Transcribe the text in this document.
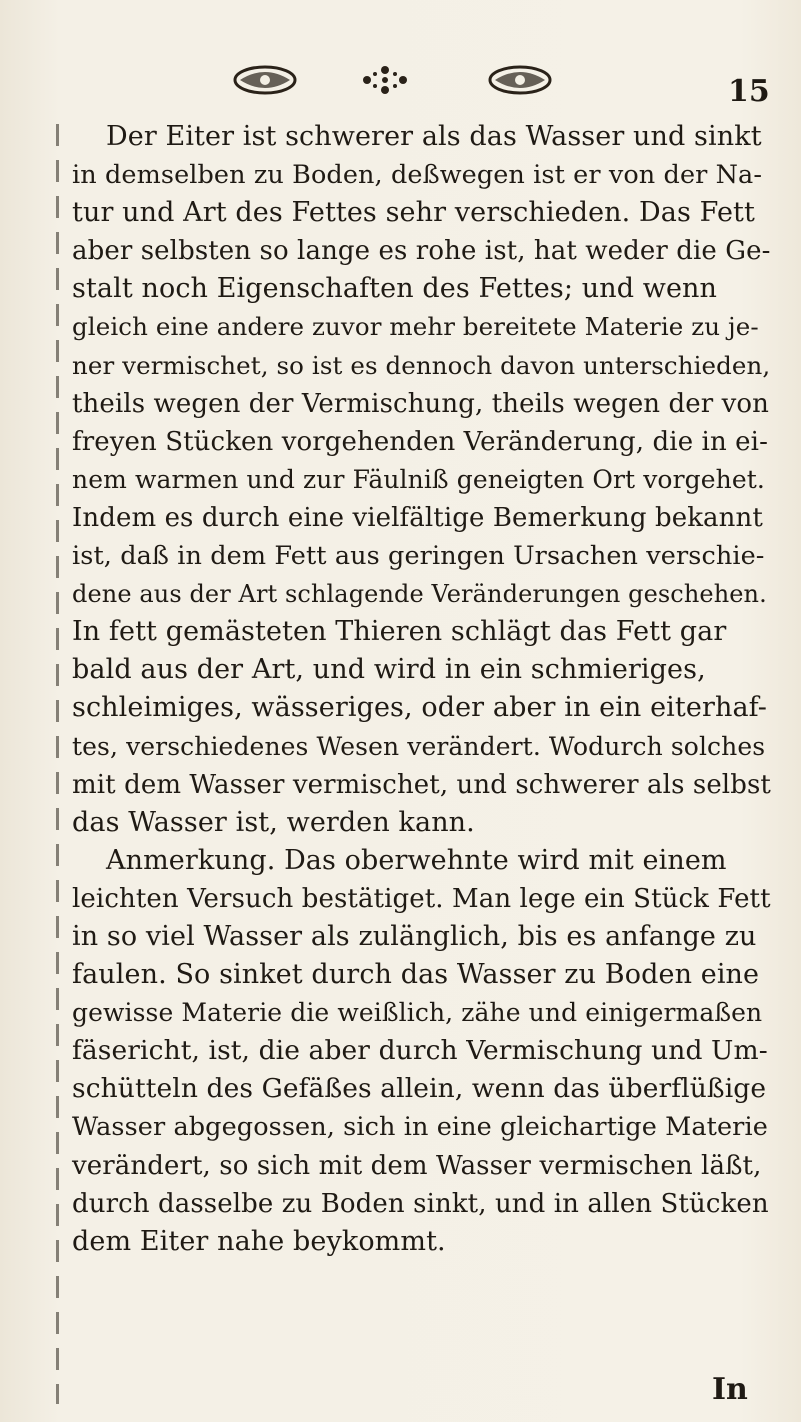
15
Der Eiter ist schwerer als das Wasser und sinkt
in demselben zu Boden, deßwegen ist er von der Na-
tur und Art des Fettes sehr verschieden. Das Fett
aber selbsten so lange es rohe ist, hat weder die Ge-
stalt noch Eigenschaften des Fettes; und wenn
gleich eine andere zuvor mehr bereitete Materie zu je-
ner vermischet, so ist es dennoch davon unterschieden,
theils wegen der Vermischung, theils wegen der von
freyen Stücken vorgehenden Veränderung, die in ei-
nem warmen und zur Fäulniß geneigten Ort vorgehet.
Indem es durch eine vielfältige Bemerkung bekannt
ist, daß in dem Fett aus geringen Ursachen verschie-
dene aus der Art schlagende Veränderungen geschehen.
In fett gemästeten Thieren schlägt das Fett gar
bald aus der Art, und wird in ein schmieriges,
schleimiges, wässeriges, oder aber in ein eiterhaf-
tes, verschiedenes Wesen verändert. Wodurch solches
mit dem Wasser vermischet, und schwerer als selbst
das Wasser ist, werden kann.
Anmerkung. Das oberwehnte wird mit einem
leichten Versuch bestätiget. Man lege ein Stück Fett
in so viel Wasser als zulänglich, bis es anfange zu
faulen. So sinket durch das Wasser zu Boden eine
gewisse Materie die weißlich, zähe und einigermaßen
fäsericht, ist, die aber durch Vermischung und Um-
schütteln des Gefäßes allein, wenn das überflüßige
Wasser abgegossen, sich in eine gleichartige Materie
verändert, so sich mit dem Wasser vermischen läßt,
durch dasselbe zu Boden sinkt, und in allen Stücken
dem Eiter nahe beykommt.
In
